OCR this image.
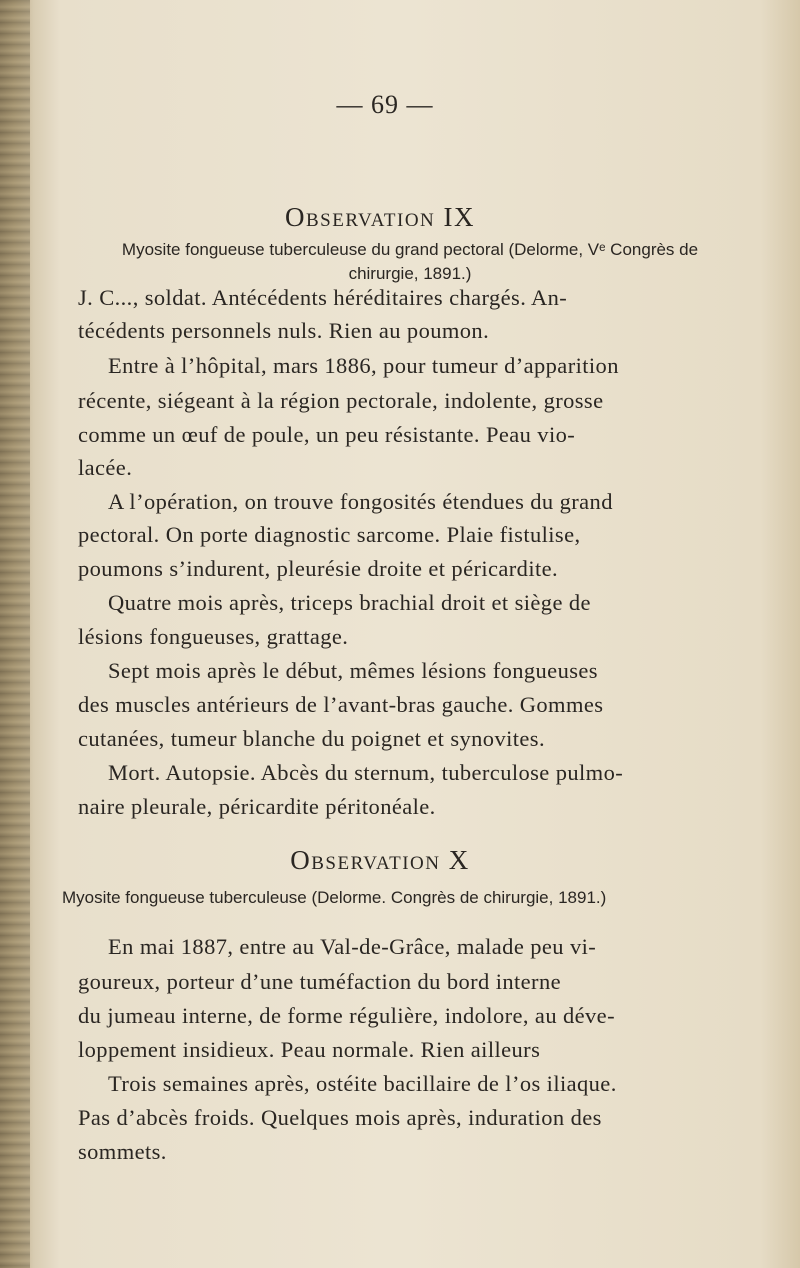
— 69 —
Observation IX
Myosite fongueuse tuberculeuse du grand pectoral (Delorme, Vᵉ Congrès de
chirurgie, 1891.)
J. C..., soldat. Antécédents héréditaires chargés. An-
técédents personnels nuls. Rien au poumon.
Entre à l’hôpital, mars 1886, pour tumeur d’apparition
récente, siégeant à la région pectorale, indolente, grosse
comme un œuf de poule, un peu résistante. Peau vio-
lacée.
A l’opération, on trouve fongosités étendues du grand
pectoral. On porte diagnostic sarcome. Plaie fistulise,
poumons s’indurent, pleurésie droite et péricardite.
Quatre mois après, triceps brachial droit et siège de
lésions fongueuses, grattage.
Sept mois après le début, mêmes lésions fongueuses
des muscles antérieurs de l’avant-bras gauche. Gommes
cutanées, tumeur blanche du poignet et synovites.
Mort. Autopsie. Abcès du sternum, tuberculose pulmo-
naire pleurale, péricardite péritonéale.
Observation X
Myosite fongueuse tuberculeuse (Delorme. Congrès de chirurgie, 1891.)
En mai 1887, entre au Val-de-Grâce, malade peu vi-
goureux, porteur d’une tuméfaction du bord interne
du jumeau interne, de forme régulière, indolore, au déve-
loppement insidieux. Peau normale. Rien ailleurs
Trois semaines après, ostéite bacillaire de l’os iliaque.
Pas d’abcès froids. Quelques mois après, induration des
sommets.
